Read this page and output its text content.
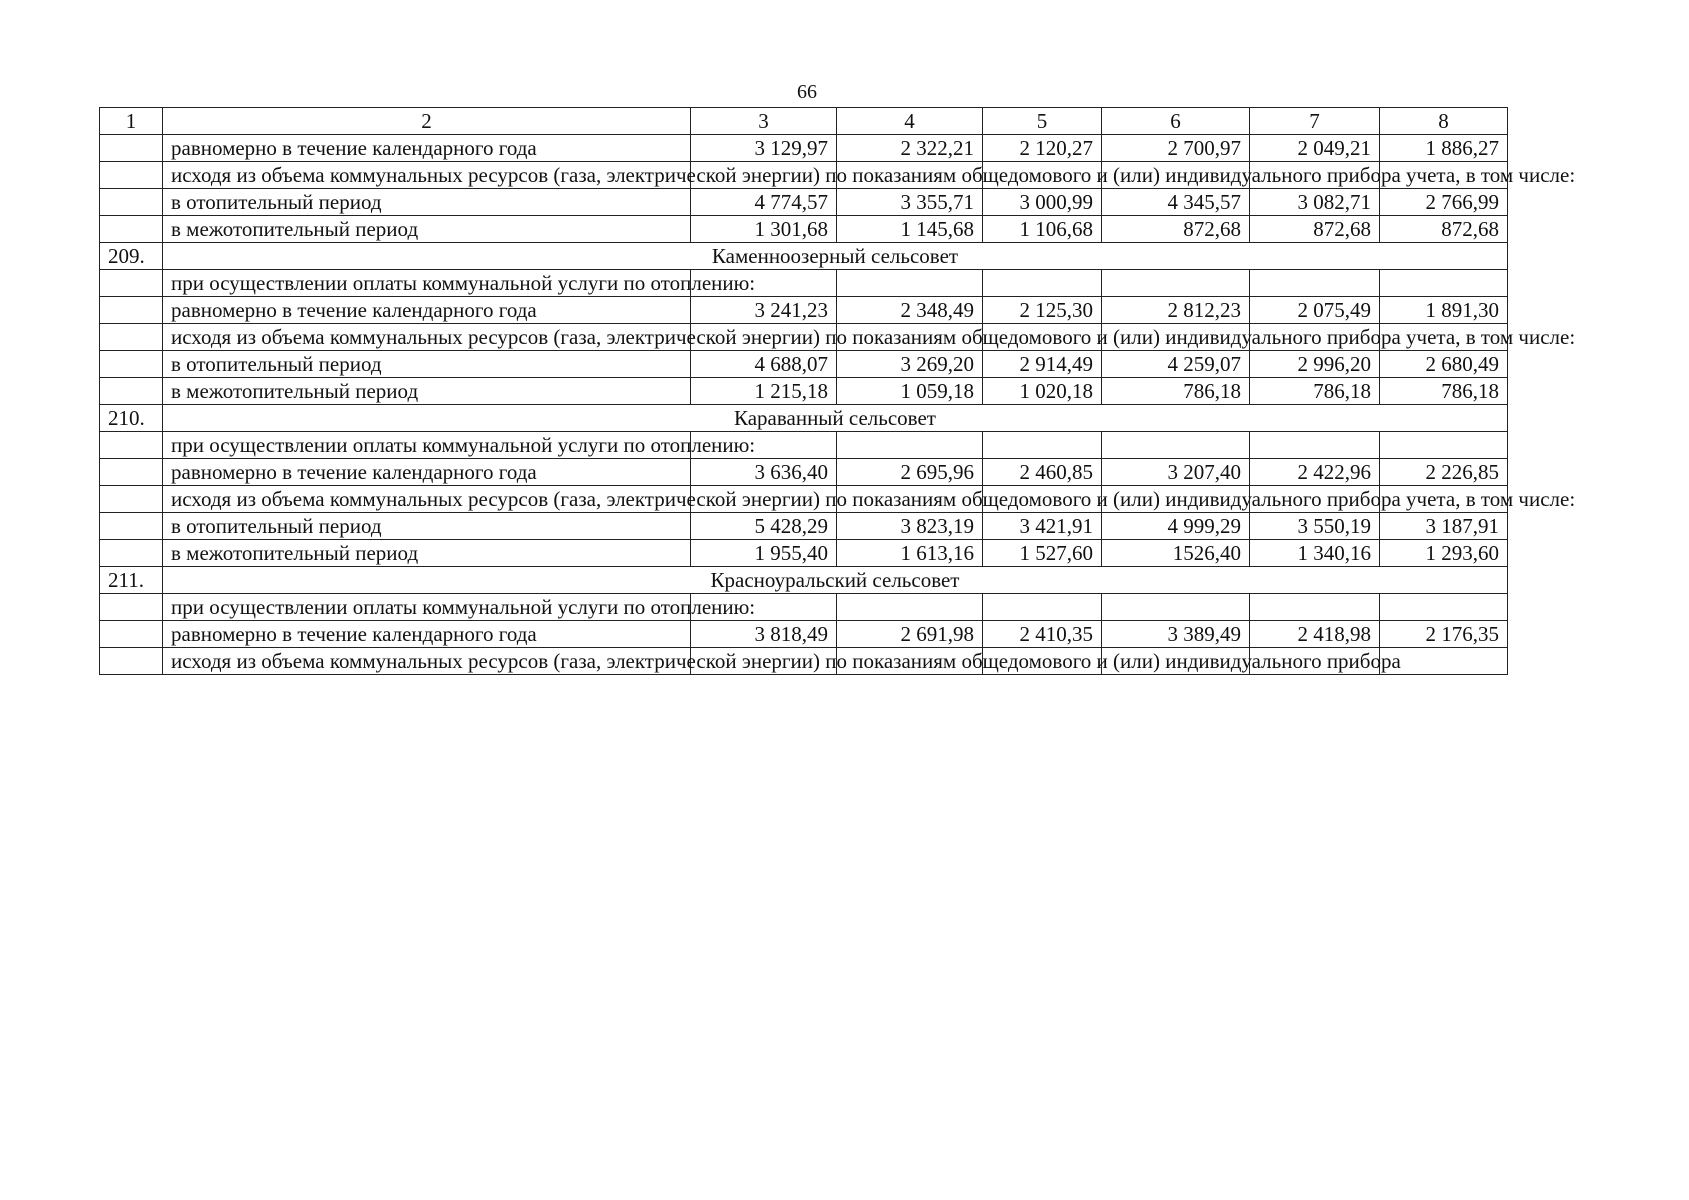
66
1	2	3	4	5	6	7	8
	равномерно в течение календарного года	3 129,97	2 322,21	2 120,27	2 700,97	2 049,21	1 886,27
	исходя из объема коммунальных ресурсов (газа, электрической энергии) по показаниям общедомового и (или) индивидуального прибора учета, в том числе:						
	в отопительный период	4 774,57	3 355,71	3 000,99	4 345,57	3 082,71	2 766,99
	в межотопительный период	1 301,68	1 145,68	1 106,68	872,68	872,68	872,68
209.	Каменноозерный сельсовет						
	при осуществлении оплаты коммунальной услуги по отоплению:						
	равномерно в течение календарного года	3 241,23	2 348,49	2 125,30	2 812,23	2 075,49	1 891,30
	исходя из объема коммунальных ресурсов (газа, электрической энергии) по показаниям общедомового и (или) индивидуального прибора учета, в том числе:						
	в отопительный период	4 688,07	3 269,20	2 914,49	4 259,07	2 996,20	2 680,49
	в межотопительный период	1 215,18	1 059,18	1 020,18	786,18	786,18	786,18
210.	Караванный сельсовет						
	при осуществлении оплаты коммунальной услуги по отоплению:						
	равномерно в течение календарного года	3 636,40	2 695,96	2 460,85	3 207,40	2 422,96	2 226,85
	исходя из объема коммунальных ресурсов (газа, электрической энергии) по показаниям общедомового и (или) индивидуального прибора учета, в том числе:						
	в отопительный период	5 428,29	3 823,19	3 421,91	4 999,29	3 550,19	3 187,91
	в межотопительный период	1 955,40	1 613,16	1 527,60	1526,40	1 340,16	1 293,60
211.	Красноуральский сельсовет						
	при осуществлении оплаты коммунальной услуги по отоплению:						
	равномерно в течение календарного года	3 818,49	2 691,98	2 410,35	3 389,49	2 418,98	2 176,35
	исходя из объема коммунальных ресурсов (газа, электрической энергии) по показаниям общедомового и (или) индивидуального прибора						
